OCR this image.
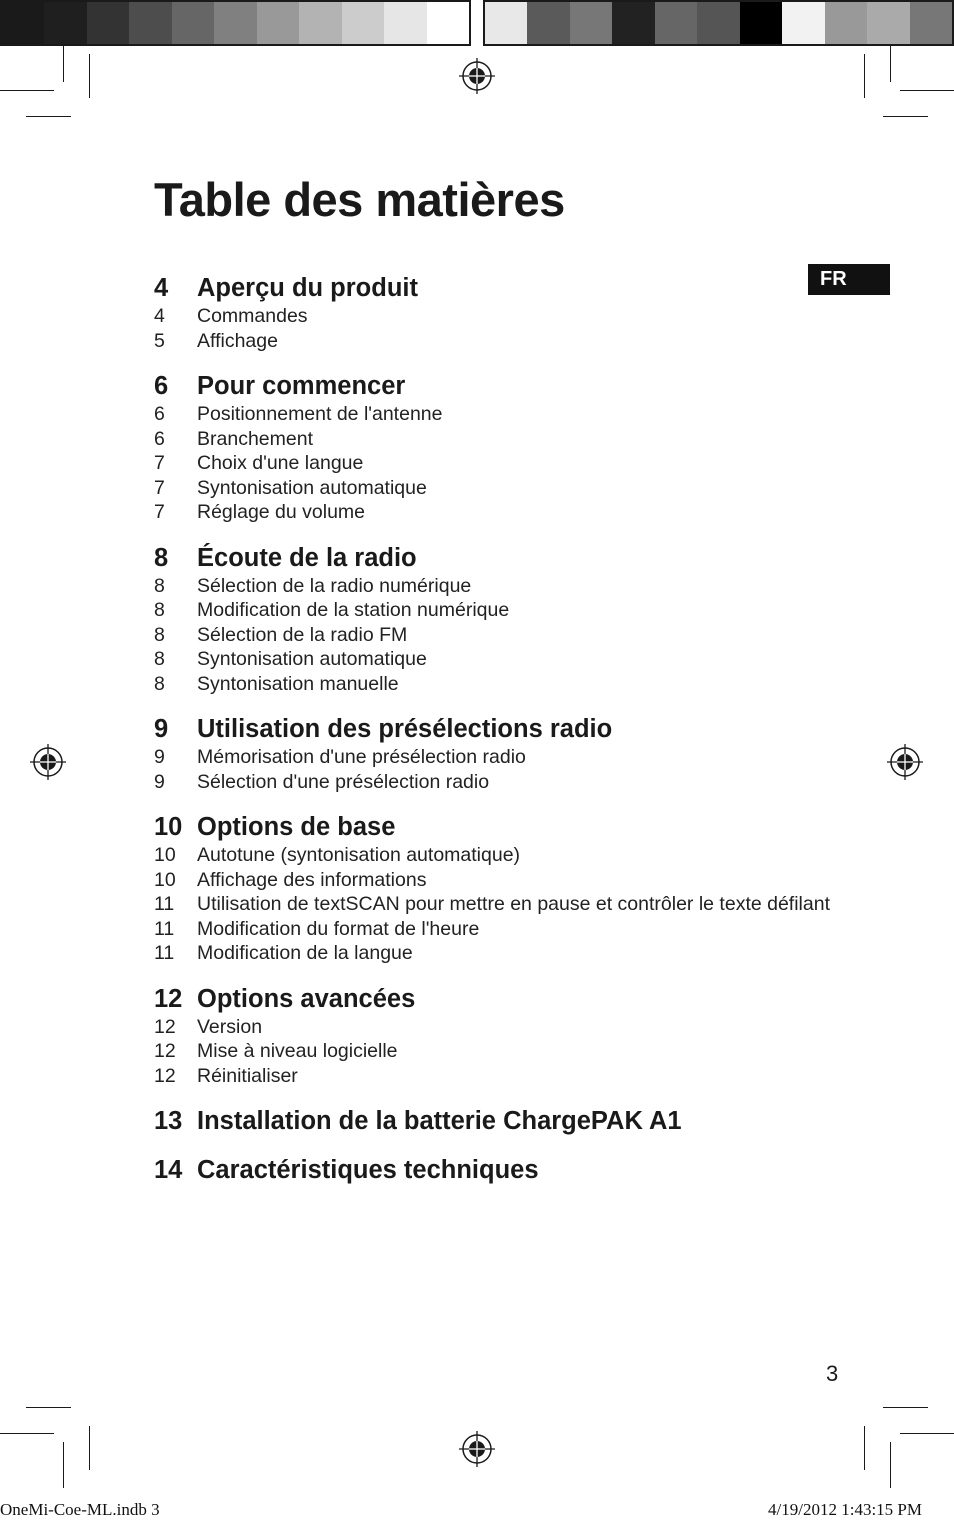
Table des matières
FR
4	Aperçu du produit
4	Commandes
5	Affichage
6	Pour commencer
6	Positionnement de l'antenne
6	Branchement
7	Choix d'une langue
7	Syntonisation automatique
7	Réglage du volume
8	Écoute de la radio
8	Sélection de la radio numérique
8	Modification de la station numérique
8	Sélection de la radio FM
8	Syntonisation automatique
8	Syntonisation manuelle
9	Utilisation des présélections radio
9	Mémorisation d'une présélection radio
9	Sélection d'une présélection radio
10 Options de base
10	Autotune (syntonisation automatique)
10	Affichage des informations
11	Utilisation de textSCAN pour mettre en pause et contrôler le texte défilant
11	Modification du format de l'heure
11	Modification de la langue
12 Options avancées
12	Version
12	Mise à niveau logicielle
12	Réinitialiser
13 Installation de la batterie ChargePAK A1
14 Caractéristiques techniques
3
OneMi-Coe-ML.indb 3	4/19/2012 1:43:15 PM
